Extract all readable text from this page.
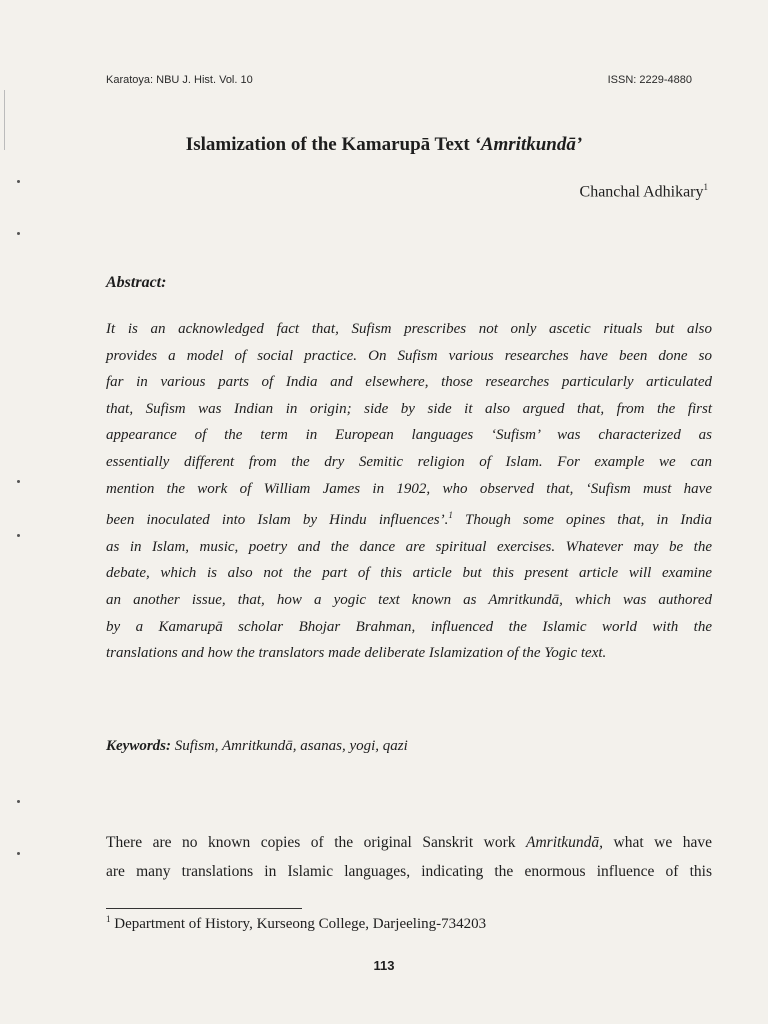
Karatoya: NBU J. Hist. Vol. 10	ISSN: 2229-4880
Islamization of the Kamarupā Text ‘Amritkundā’
Chanchal Adhikary$^1$
Abstract:
It is an acknowledged fact that, Sufism prescribes not only ascetic rituals but also
provides a model of social practice. On Sufism various researches have been done so
far in various parts of India and elsewhere, those researches particularly articulated
that, Sufism was Indian in origin; side by side it also argued that, from the first
appearance of the term in European languages ‘Sufism’ was characterized as
essentially different from the dry Semitic religion of Islam. For example we can
mention the work of William James in 1902, who observed that, ‘Sufism must have
been inoculated into Islam by Hindu influences’.$^1$ Though some opines that, in India
as in Islam, music, poetry and the dance are spiritual exercises. Whatever may be the
debate, which is also not the part of this article but this present article will examine
an another issue, that, how a yogic text known as Amritkundā, which was authored
by a Kamarupā scholar Bhojar Brahman, influenced the Islamic world with the
translations and how the translators made deliberate Islamization of the Yogic text.
Keywords: Sufism, Amritkundā, asanas, yogi, qazi
There are no known copies of the original Sanskrit work Amritkundā, what we have
are many translations in Islamic languages, indicating the enormous influence of this
$^1$ Department of History, Kurseong College, Darjeeling-734203
113
